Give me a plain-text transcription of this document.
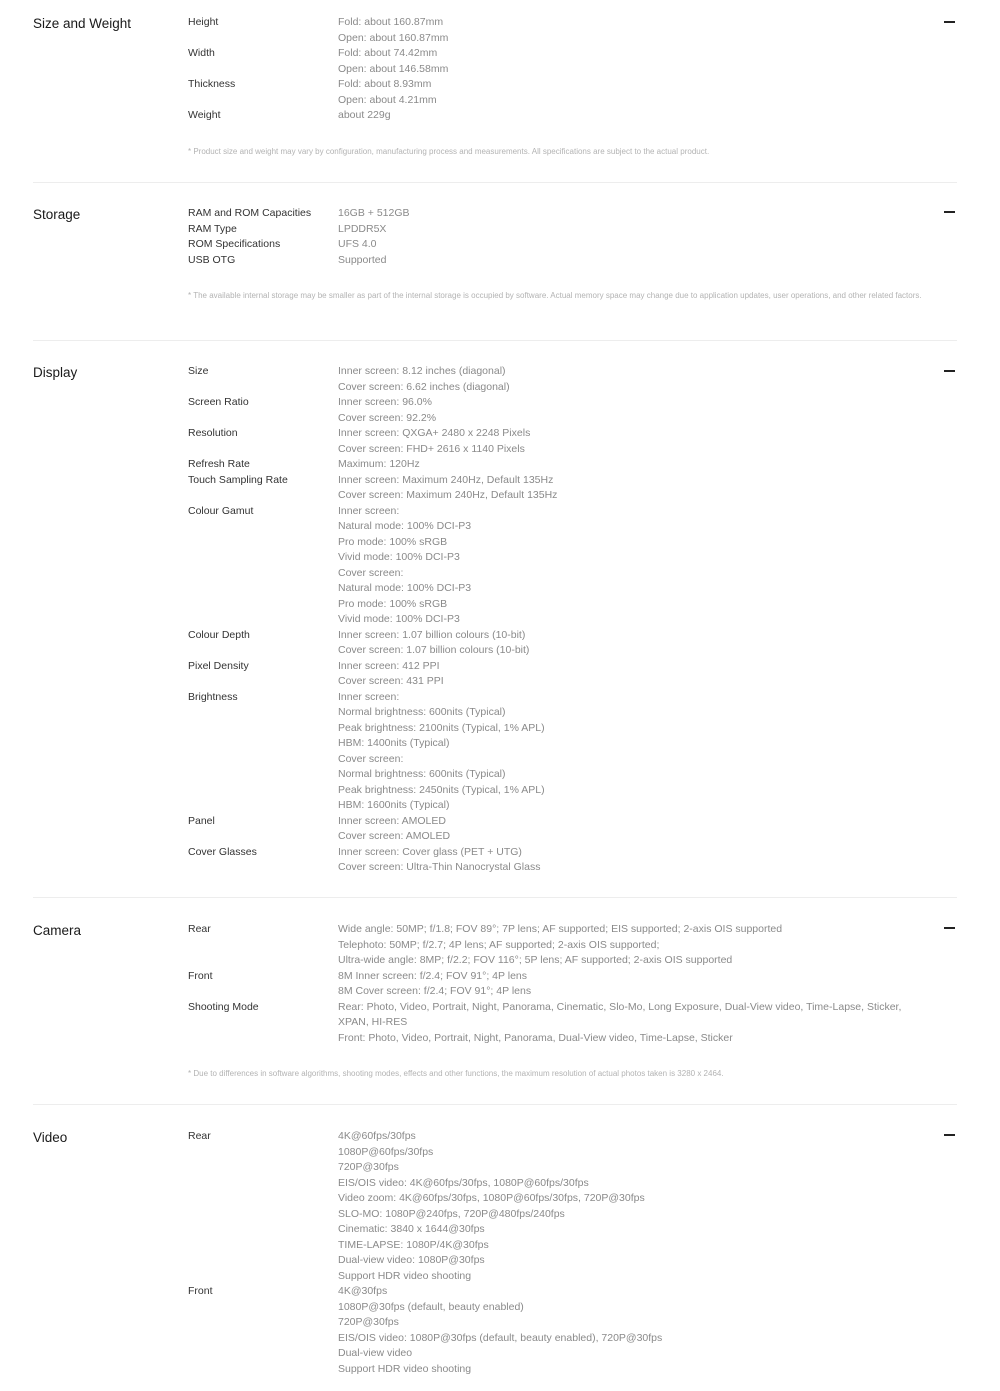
Size and Weight	Height	Fold: about 160.87mm
Open: about 160.87mm
Width	Fold: about 74.42mm
Open: about 146.58mm
Thickness	Fold: about 8.93mm
Open: about 4.21mm
Weight	about 229g

* Product size and weight may vary by configuration, manufacturing process and measurements. All specifications are subject to the actual product.

Storage	RAM and ROM Capacities	16GB + 512GB
RAM Type	LPDDR5X
ROM Specifications	UFS 4.0
USB OTG	Supported

* The available internal storage may be smaller as part of the internal storage is occupied by software. Actual memory space may change due to application updates, user operations, and other related factors.

Display	Size	Inner screen: 8.12 inches (diagonal)
Cover screen: 6.62 inches (diagonal)
Screen Ratio	Inner screen: 96.0%
Cover screen: 92.2%
Resolution	Inner screen: QXGA+ 2480 x 2248 Pixels
Cover screen: FHD+ 2616 x 1140 Pixels
Refresh Rate	Maximum: 120Hz
Touch Sampling Rate	Inner screen: Maximum 240Hz, Default 135Hz
Cover screen: Maximum 240Hz, Default 135Hz
Colour Gamut	Inner screen:
Natural mode: 100% DCI-P3
Pro mode: 100% sRGB
Vivid mode: 100% DCI-P3
Cover screen:
Natural mode: 100% DCI-P3
Pro mode: 100% sRGB
Vivid mode: 100% DCI-P3
Colour Depth	Inner screen: 1.07 billion colours (10-bit)
Cover screen: 1.07 billion colours (10-bit)
Pixel Density	Inner screen: 412 PPI
Cover screen: 431 PPI
Brightness	Inner screen:
Normal brightness: 600nits (Typical)
Peak brightness: 2100nits (Typical, 1% APL)
HBM: 1400nits (Typical)
Cover screen:
Normal brightness: 600nits (Typical)
Peak brightness: 2450nits (Typical, 1% APL)
HBM: 1600nits (Typical)
Panel	Inner screen: AMOLED
Cover screen: AMOLED
Cover Glasses	Inner screen: Cover glass (PET + UTG)
Cover screen: Ultra-Thin Nanocrystal Glass
Camera	Rear	Wide angle: 50MP; f/1.8; FOV 89°; 7P lens; AF supported; EIS supported; 2-axis OIS supported
Telephoto: 50MP; f/2.7; 4P lens; AF supported; 2-axis OIS supported;
Ultra-wide angle: 8MP; f/2.2; FOV 116°; 5P lens; AF supported; 2-axis OIS supported
Front	8M Inner screen: f/2.4; FOV 91°; 4P lens
8M Cover screen: f/2.4; FOV 91°; 4P lens
Shooting Mode	Rear: Photo, Video, Portrait, Night, Panorama, Cinematic, Slo-Mo, Long Exposure, Dual-View video, Time-Lapse, Sticker,
XPAN, HI-RES
Front: Photo, Video, Portrait, Night, Panorama, Dual-View video, Time-Lapse, Sticker

* Due to differences in software algorithms, shooting modes, effects and other functions, the maximum resolution of actual photos taken is 3280 x 2464.

Video	Rear	4K@60fps/30fps
1080P@60fps/30fps
720P@30fps
EIS/OIS video: 4K@60fps/30fps, 1080P@60fps/30fps
Video zoom: 4K@60fps/30fps, 1080P@60fps/30fps, 720P@30fps
SLO-MO: 1080P@240fps, 720P@480fps/240fps
Cinematic: 3840 x 1644@30fps
TIME-LAPSE: 1080P/4K@30fps
Dual-view video: 1080P@30fps
Support HDR video shooting
Front	4K@30fps
1080P@30fps (default, beauty enabled)
720P@30fps
EIS/OIS video: 1080P@30fps (default, beauty enabled), 720P@30fps
Dual-view video
Support HDR video shooting
